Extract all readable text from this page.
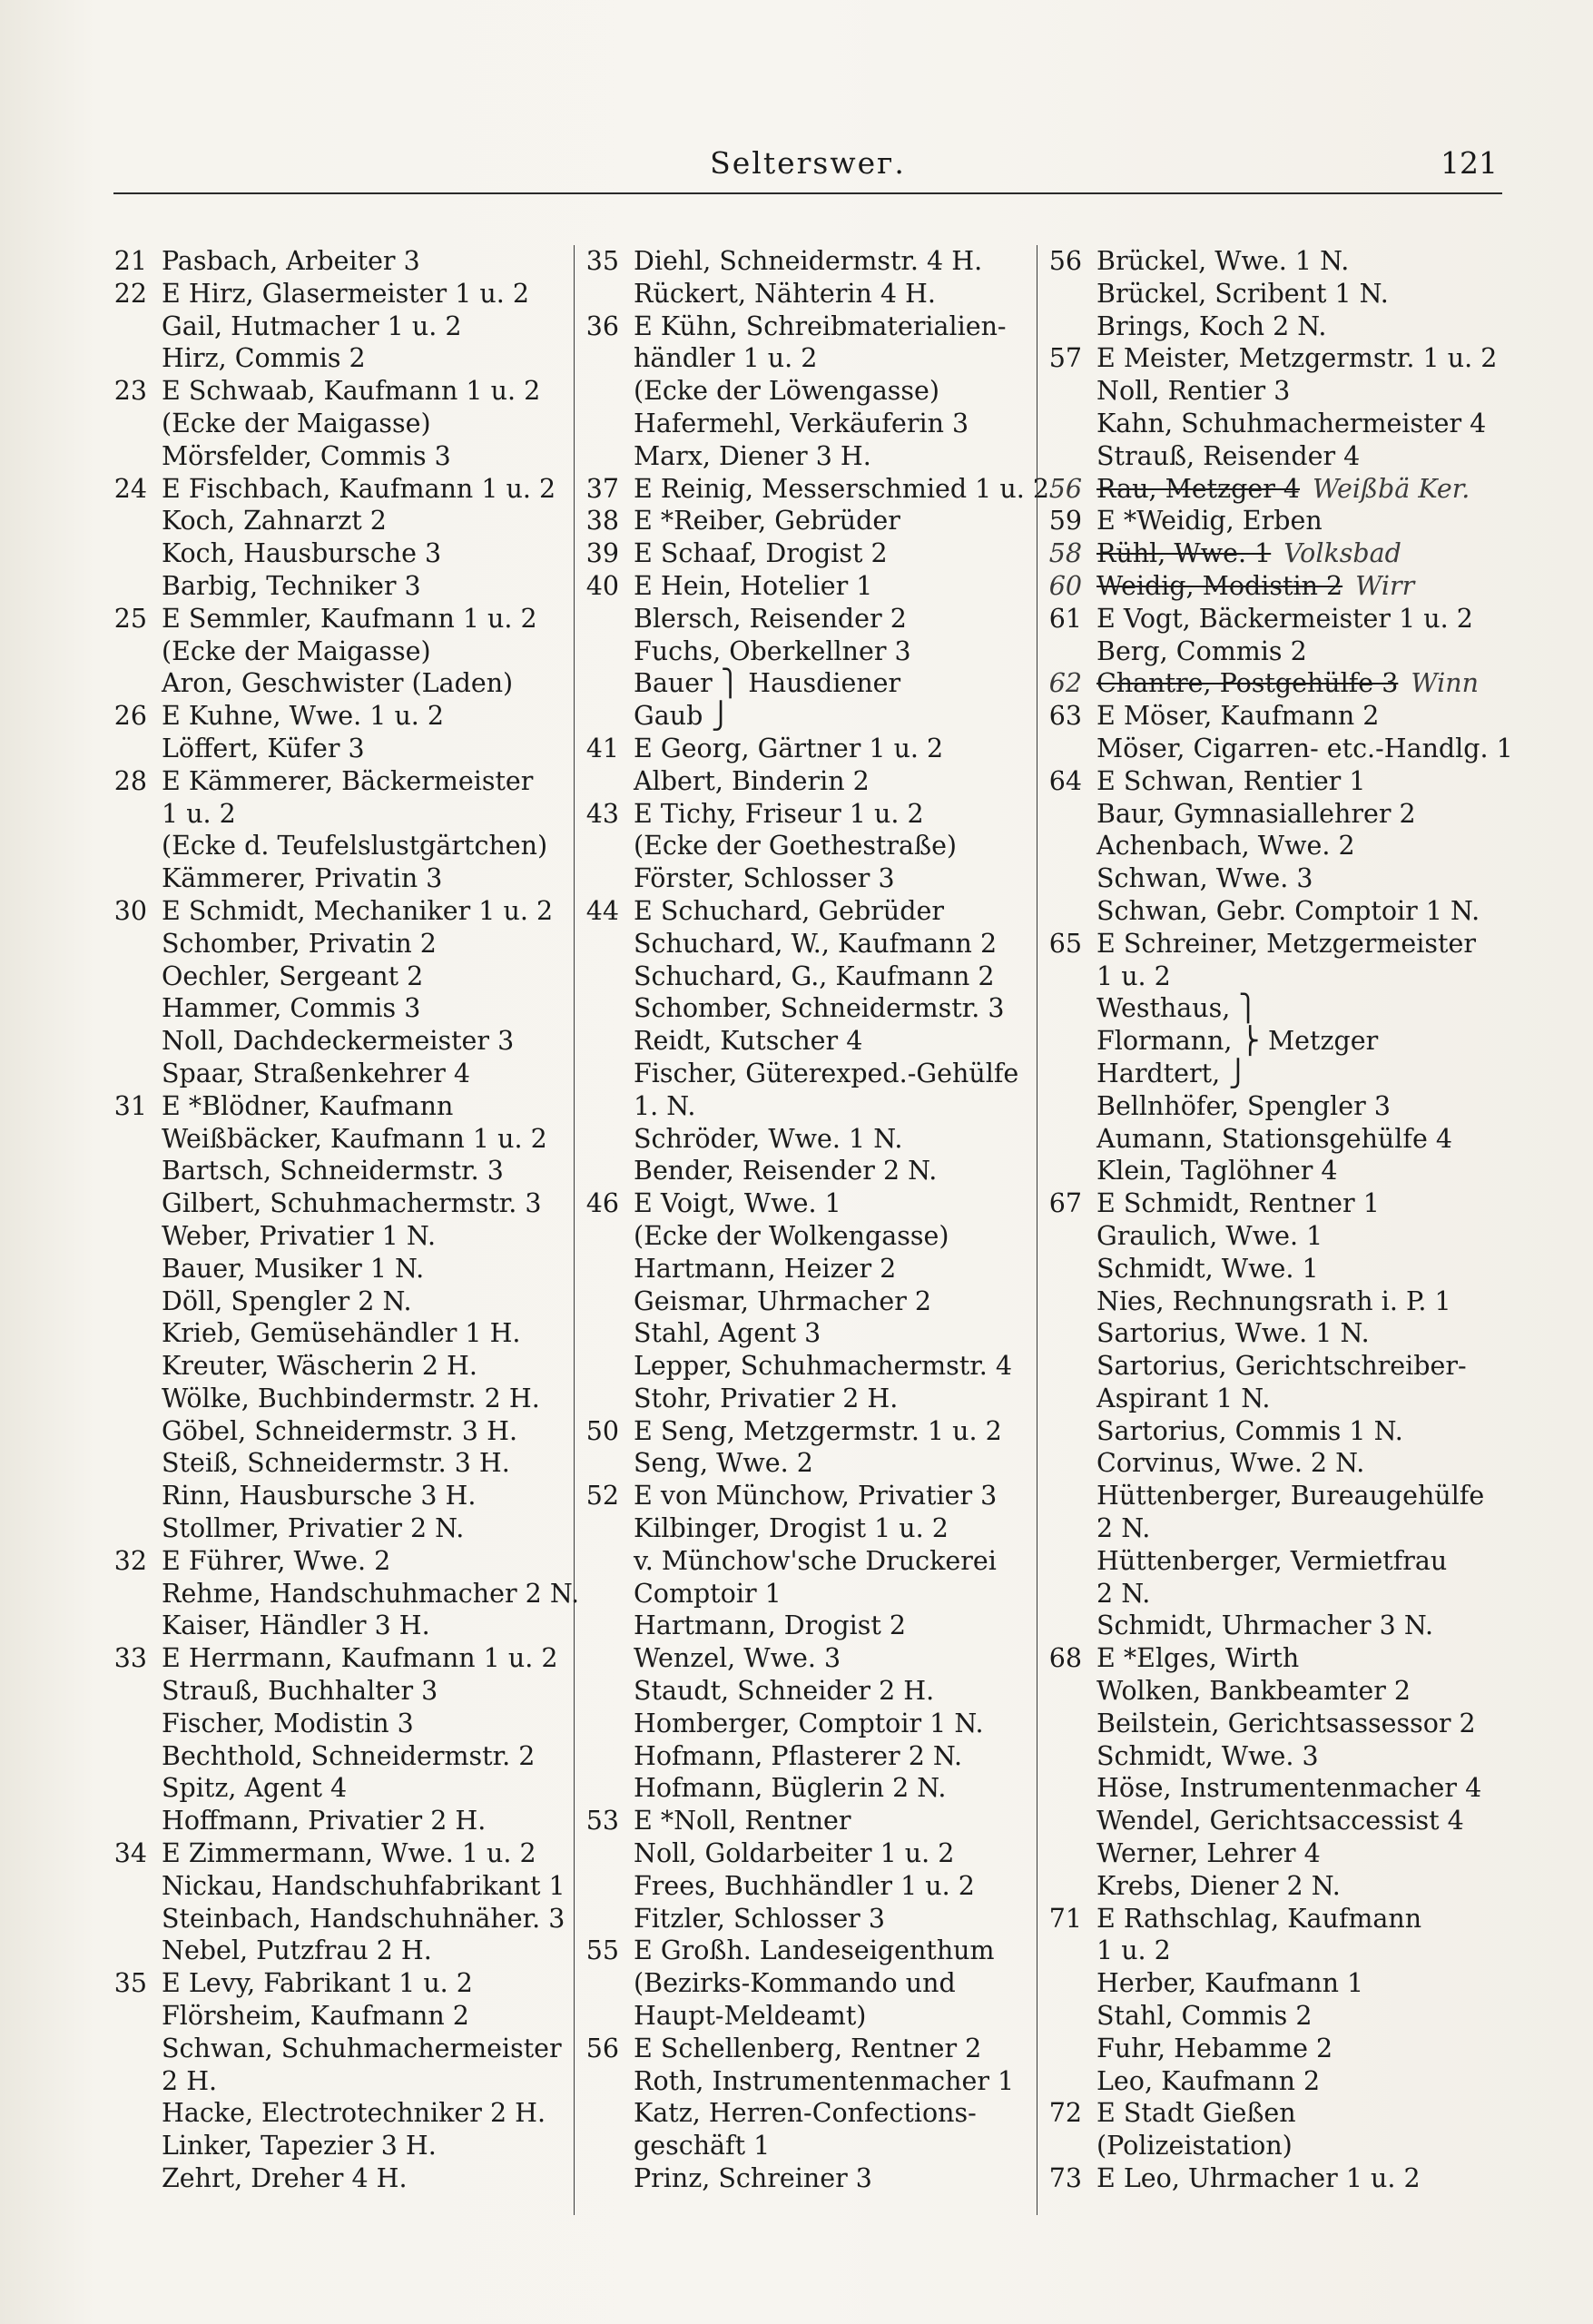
Selterswег.	121
21 Pasbach, Arbeiter 3
22 E Hirz, Glasermeister 1 u. 2
Gail, Hutmacher 1 u. 2
Hirz, Commis 2
23 E Schwaab, Kaufmann 1 u. 2
(Ecke der Maigasse)
Mörsfelder, Commis 3
24 E Fischbach, Kaufmann 1 u. 2
Koch, Zahnarzt 2
Koch, Hausbursche 3
Barbig, Techniker 3
25 E Semmler, Kaufmann 1 u. 2
(Ecke der Maigasse)
Aron, Geschwister (Laden)
26 E Kuhne, Wwe. 1 u. 2
Löffert, Küfer 3
28 E Kämmerer, Bäckermeister
1 u. 2
(Ecke d. Teufelslustgärtchen)
Kämmerer, Privatin 3
30 E Schmidt, Mechaniker 1 u. 2
Schomber, Privatin 2
Oechler, Sergeant 2
Hammer, Commis 3
Noll, Dachdeckermeister 3
Spaar, Straßenkehrer 4
31 E *Blödner, Kaufmann
Weißbäcker, Kaufmann 1 u. 2
Bartsch, Schneidermstr. 3
Gilbert, Schuhmachermstr. 3
Weber, Privatier 1 N.
Bauer, Musiker 1 N.
Döll, Spengler 2 N.
Krieb, Gemüsehändler 1 H.
Kreuter, Wäscherin 2 H.
Wölke, Buchbindermstr. 2 H.
Göbel, Schneidermstr. 3 H.
Steiß, Schneidermstr. 3 H.
Rinn, Hausbursche 3 H.
Stollmer, Privatier 2 N.
32 E Führer, Wwe. 2
Rehme, Handschuhmacher 2 N.
Kaiser, Händler 3 H.
33 E Herrmann, Kaufmann 1 u. 2
Strauß, Buchhalter 3
Fischer, Modistin 3
Bechthold, Schneidermstr. 2
Spitz, Agent 4
Hoffmann, Privatier 2 H.
34 E Zimmermann, Wwe. 1 u. 2
Nickau, Handschuhfabrikant 1
Steinbach, Handschuhnäher. 3
Nebel, Putzfrau 2 H.
35 E Levy, Fabrikant 1 u. 2
Flörsheim, Kaufmann 2
Schwan, Schuhmachermeister
2 H.
Hacke, Electrotechniker 2 H.
Linker, Tapezier 3 H.
Zehrt, Dreher 4 H.
35 Diehl, Schneidermstr. 4 H.
Rückert, Nähterin 4 H.
36 E Kühn, Schreibmaterialien-
händler 1 u. 2
(Ecke der Löwengasse)
Hafermehl, Verkäuferin 3
Marx, Diener 3 H.
37 E Reinig, Messerschmied 1 u. 2
38 E *Reiber, Gebrüder
39 E Schaaf, Drogist 2
40 E Hein, Hotelier 1
Blersch, Reisender 2
Fuchs, Oberkellner 3
Bauer ⎫ Hausdiener
Gaub ⎭
41 E Georg, Gärtner 1 u. 2
Albert, Binderin 2
43 E Tichy, Friseur 1 u. 2
(Ecke der Goethestraße)
Förster, Schlosser 3
44 E Schuchard, Gebrüder
Schuchard, W., Kaufmann 2
Schuchard, G., Kaufmann 2
Schomber, Schneidermstr. 3
Reidt, Kutscher 4
Fischer, Güterexped.-Gehülfe
1. N.
Schröder, Wwe. 1 N.
Bender, Reisender 2 N.
46 E Voigt, Wwe. 1
(Ecke der Wolkengasse)
Hartmann, Heizer 2
Geismar, Uhrmacher 2
Stahl, Agent 3
Lepper, Schuhmachermstr. 4
Stohr, Privatier 2 H.
50 E Seng, Metzgermstr. 1 u. 2
Seng, Wwe. 2
52 E von Münchow, Privatier 3
Kilbinger, Drogist 1 u. 2
v. Münchow'sche Druckerei
Comptoir 1
Hartmann, Drogist 2
Wenzel, Wwe. 3
Staudt, Schneider 2 H.
Homberger, Comptoir 1 N.
Hofmann, Pflasterer 2 N.
Hofmann, Büglerin 2 N.
53 E *Noll, Rentner
Noll, Goldarbeiter 1 u. 2
Frees, Buchhändler 1 u. 2
Fitzler, Schlosser 3
55 E Großh. Landeseigenthum
(Bezirks-Kommando und
Haupt-Meldeamt)
56 E Schellenberg, Rentner 2
Roth, Instrumentenmacher 1
Katz, Herren-Confections-
geschäft 1
Prinz, Schreiner 3
56 Brückel, Wwe. 1 N.
Brückel, Scribent 1 N.
Brings, Koch 2 N.
57 E Meister, Metzgermstr. 1 u. 2
Noll, Rentier 3
Kahn, Schuhmachermeister 4
Strauß, Reisender 4
56 Rau, Metzger 4 Weißbä Ker.
59 E *Weidig, Erben
58 Rühl, Wwe. 1 Volksbad
60 Weidig, Modistin 2 Wirr
61 E Vogt, Bäckermeister 1 u. 2
Berg, Commis 2
62 Chantre, Postgehülfe 3 Winn
63 E Möser, Kaufmann 2
Möser, Cigarren- etc.-Handlg. 1
64 E Schwan, Rentier 1
Baur, Gymnasiallehrer 2
Achenbach, Wwe. 2
Schwan, Wwe. 3
Schwan, Gebr. Comptoir 1 N.
65 E Schreiner, Metzgermeister
1 u. 2
Westhaus, ⎫
Flormann, ⎬ Metzger
Hardtert, ⎭
Bellnhöfer, Spengler 3
Aumann, Stationsgehülfe 4
Klein, Taglöhner 4
67 E Schmidt, Rentner 1
Graulich, Wwe. 1
Schmidt, Wwe. 1
Nies, Rechnungsrath i. P. 1
Sartorius, Wwe. 1 N.
Sartorius, Gerichtschreiber-
Aspirant 1 N.
Sartorius, Commis 1 N.
Corvinus, Wwe. 2 N.
Hüttenberger, Bureaugehülfe
2 N.
Hüttenberger, Vermietfrau
2 N.
Schmidt, Uhrmacher 3 N.
68 E *Elges, Wirth
Wolken, Bankbeamter 2
Beilstein, Gerichtsassessor 2
Schmidt, Wwe. 3
Höse, Instrumentenmacher 4
Wendel, Gerichtsaccessist 4
Werner, Lehrer 4
Krebs, Diener 2 N.
71 E Rathschlag, Kaufmann
1 u. 2
Herber, Kaufmann 1
Stahl, Commis 2
Fuhr, Hebamme 2
Leo, Kaufmann 2
72 E Stadt Gießen
(Polizeistation)
73 E Leo, Uhrmacher 1 u. 2
